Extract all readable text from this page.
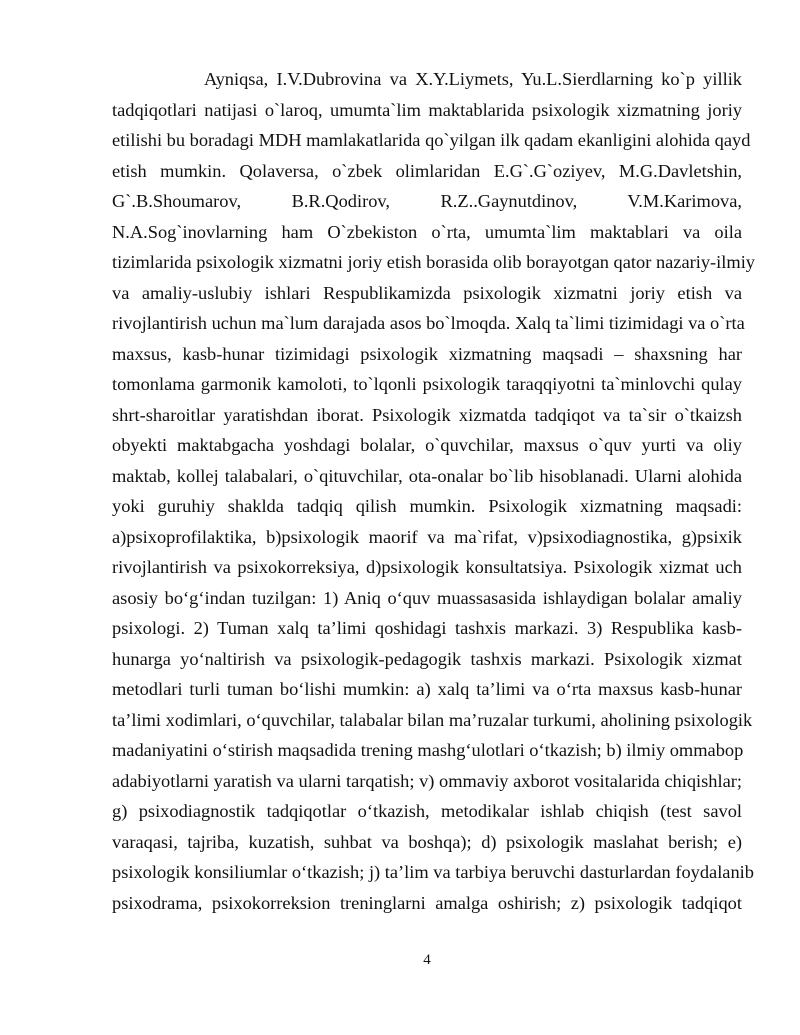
Ayniqsa, I.V.Dubrovina va X.Y.Liymets, Yu.L.Sierdlarning ko`p yillik
tadqiqotlari natijasi o`laroq, umumta`lim maktablarida psixologik xizmatning joriy
etilishi bu boradagi MDH mamlakatlarida qo`yilgan ilk qadam ekanligini alohida qayd
etish mumkin. Qolaversa, o`zbek olimlaridan E.G`.G`oziyev, M.G.Davletshin,
G`.B.Shoumarov, B.R.Qodirov, R.Z..Gaynutdinov, V.M.Karimova,
N.A.Sog`inovlarning ham O`zbekiston o`rta, umumta`lim maktablari va oila
tizimlarida psixologik xizmatni joriy etish borasida olib borayotgan qator nazariy-ilmiy
va amaliy-uslubiy ishlari Respublikamizda psixologik xizmatni joriy etish va
rivojlantirish uchun ma`lum darajada asos bo`lmoqda. Xalq ta`limi tizimidagi va o`rta
maxsus, kasb-hunar tizimidagi psixologik xizmatning maqsadi – shaxsning har
tomonlama garmonik kamoloti, to`lqonli psixologik taraqqiyotni ta`minlovchi qulay
shrt-sharoitlar yaratishdan iborat. Psixologik xizmatda tadqiqot va ta`sir o`tkaizsh
obyekti maktabgacha yoshdagi bolalar, o`quvchilar, maxsus o`quv yurti va oliy
maktab, kollej talabalari, o`qituvchilar, ota-onalar bo`lib hisoblanadi. Ularni alohida
yoki guruhiy shaklda tadqiq qilish mumkin. Psixologik xizmatning maqsadi:
a)psixoprofilaktika, b)psixologik maorif va ma`rifat, v)psixodiagnostika, g)psixik
rivojlantirish va psixokorreksiya, d)psixologik konsultatsiya. Psixologik xizmat uch
asosiy bo‘g‘indan tuzilgan: 1) Aniq o‘quv muassasasida ishlaydigan bolalar amaliy
psixologi. 2) Tuman xalq ta’limi qoshidagi tashxis markazi. 3) Respublika kasb-
hunarga yo‘naltirish va psixologik-pedagogik tashxis markazi. Psixologik xizmat
metodlari turli tuman bo‘lishi mumkin: a) xalq ta’limi va o‘rta maxsus kasb-hunar
ta’limi xodimlari, o‘quvchilar, talabalar bilan ma’ruzalar turkumi, aholining psixologik
madaniyatini o‘stirish maqsadida trening mashg‘ulotlari o‘tkazish; b) ilmiy ommabop
adabiyotlarni yaratish va ularni tarqatish; v) ommaviy axborot vositalarida chiqishlar;
g) psixodiagnostik tadqiqotlar o‘tkazish, metodikalar ishlab chiqish (test savol
varaqasi, tajriba, kuzatish, suhbat va boshqa); d) psixologik maslahat berish; e)
psixologik konsiliumlar o‘tkazish; j) ta’lim va tarbiya beruvchi dasturlardan foydalanib
psixodrama, psixokorreksion treninglarni amalga oshirish; z) psixologik tadqiqot
4
